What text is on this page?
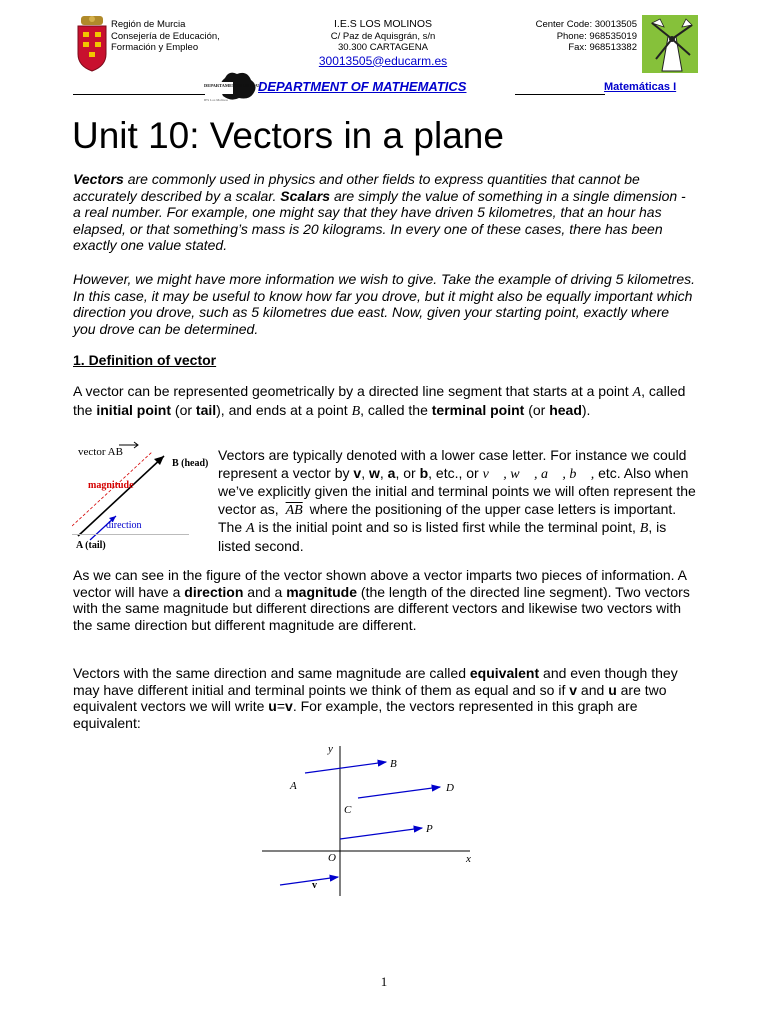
Región de Murcia
Consejería de Educación,
Formación y Empleo
I.E.S LOS MOLINOS
C/ Paz de Aquisgrán, s/n
30.300 CARTAGENA
30013505@educarm.es
Center Code: 30013505
Phone: 968535019
Fax: 968513382
DEPARTAMENTO DE MA
IES Los Molinos
DEPARTMENT OF MATHEMATICS	Matemáticas I
Unit 10: Vectors in a plane

Vectors are commonly used in physics and other fields to express quantities that cannot be accurately described by a scalar. Scalars are simply the value of something in a single dimension - a real number. For example, one might say that they have driven 5 kilometres, that an hour has elapsed, or that something’s mass is 20 kilograms. In every one of these cases, there has been exactly one value stated.

However, we might have more information we wish to give. Take the example of driving 5 kilometres. In this case, it may be useful to know how far you drove, but it might also be equally important which direction you drove, such as 5 kilometres due east. Now, given your starting point, exactly where you drove can be determined.

1. Definition of vector

A vector can be represented geometrically by a directed line segment that starts at a point A, called the initial point (or tail), and ends at a point B, called the terminal point (or head).

vector AB
magnitude
direction
B (head)
A (tail)

Vectors are typically denoted with a lower case letter. For instance we could represent a vector by v, w, a, or b, etc., or v⃗ , w⃗ , a⃗ , b⃗ , etc. Also when we’ve explicitly given the initial and terminal points we will often represent the vector as, $\overline{AB}$ where the positioning of the upper case letters is important. The A is the initial point and so is listed first while the terminal point, B, is listed second.

As we can see in the figure of the vector shown above a vector imparts two pieces of information. A vector will have a direction and a magnitude (the length of the directed line segment). Two vectors with the same magnitude but different directions are different vectors and likewise two vectors with the same direction but different magnitude are different.

Vectors with the same direction and same magnitude are called equivalent and even though they may have different initial and terminal points we think of them as equal and so if v and u are two equivalent vectors we will write u=v. For example, the vectors represented in this graph are equivalent:

y
x
O
A
B
C
D
P
v
1
